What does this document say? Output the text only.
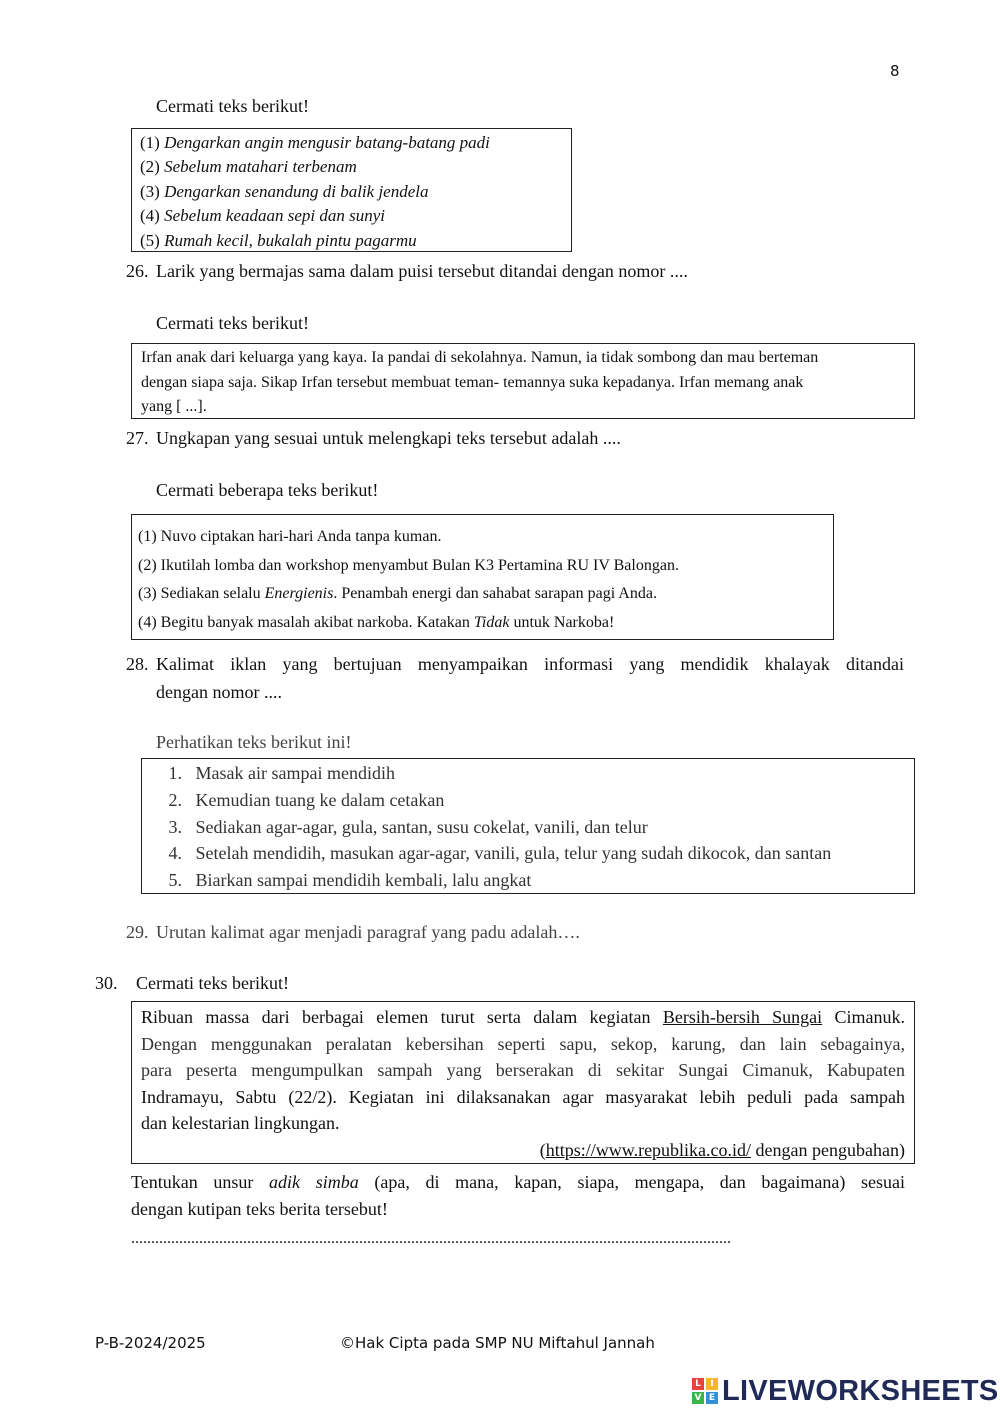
8
Cermati teks berikut!
(1) Dengarkan angin mengusir batang-batang padi
(2) Sebelum matahari terbenam
(3) Dengarkan senandung di balik jendela
(4) Sebelum keadaan sepi dan sunyi
(5) Rumah kecil, bukalah pintu pagarmu
26. Larik yang bermajas sama dalam puisi tersebut ditandai dengan nomor ....
Cermati teks berikut!
Irfan anak dari keluarga yang kaya. Ia pandai di sekolahnya. Namun, ia tidak sombong dan mau berteman
dengan siapa saja. Sikap Irfan tersebut membuat teman- temannya suka kepadanya. Irfan memang anak
yang [ ...].
27. Ungkapan yang sesuai untuk melengkapi teks tersebut adalah ....
Cermati beberapa teks berikut!
(1) Nuvo ciptakan hari-hari Anda tanpa kuman.
(2) Ikutilah lomba dan workshop menyambut Bulan K3 Pertamina RU IV Balongan.
(3) Sediakan selalu Energienis. Penambah energi dan sahabat sarapan pagi Anda.
(4) Begitu banyak masalah akibat narkoba. Katakan Tidak untuk Narkoba!
28. Kalimat iklan yang bertujuan menyampaikan informasi yang mendidik khalayak ditandai
dengan nomor ....
Perhatikan teks berikut ini!
1. Masak air sampai mendidih
2. Kemudian tuang ke dalam cetakan
3. Sediakan agar-agar, gula, santan, susu cokelat, vanili, dan telur
4. Setelah mendidih, masukan agar-agar, vanili, gula, telur yang sudah dikocok, dan santan
5. Biarkan sampai mendidih kembali, lalu angkat
29. Urutan kalimat agar menjadi paragraf yang padu adalah….
30. Cermati teks berikut!
Ribuan massa dari berbagai elemen turut serta dalam kegiatan Bersih-bersih Sungai Cimanuk.
Dengan menggunakan peralatan kebersihan seperti sapu, sekop, karung, dan lain sebagainya,
para peserta mengumpulkan sampah yang berserakan di sekitar Sungai Cimanuk, Kabupaten
Indramayu, Sabtu (22/2). Kegiatan ini dilaksanakan agar masyarakat lebih peduli pada sampah
dan kelestarian lingkungan.
(https://www.republika.co.id/ dengan pengubahan)
Tentukan unsur adik simba (apa, di mana, kapan, siapa, mengapa, dan bagaimana) sesuai
dengan kutipan teks berita tersebut!
......................................................................................................................................................
P-B-2024/2025	©Hak Cipta pada SMP NU Miftahul Jannah
L	I
V E LIVEWORKSHEETS
